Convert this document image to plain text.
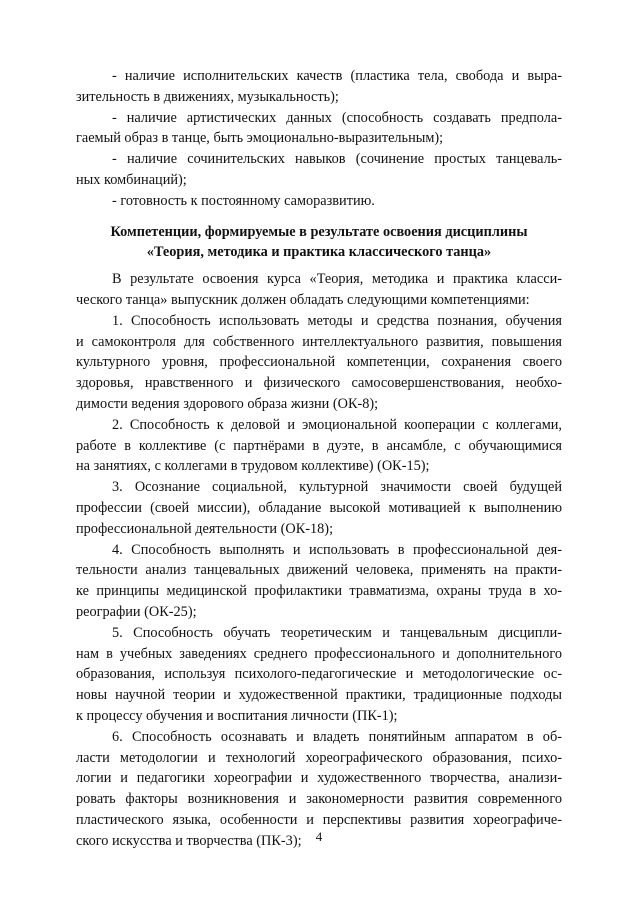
- наличие исполнительских качеств (пластика тела, свобода и выра-
зительность в движениях, музыкальность);
- наличие артистических данных (способность создавать предпола-
гаемый образ в танце, быть эмоционально-выразительным);
- наличие сочинительских навыков (сочинение простых танцеваль-
ных комбинаций);
- готовность к постоянному саморазвитию.
Компетенции, формируемые в результате освоения дисциплины
«Теория, методика и практика классического танца»
В результате освоения курса «Теория, методика и практика класси-
ческого танца» выпускник должен обладать следующими компетенциями:
1. Способность использовать методы и средства познания, обучения
и самоконтроля для собственного интеллектуального развития, повышения
культурного уровня, профессиональной компетенции, сохранения своего
здоровья, нравственного и физического самосовершенствования, необхо-
димости ведения здорового образа жизни (ОК-8);
2. Способность к деловой и эмоциональной кооперации с коллегами,
работе в коллективе (с партнёрами в дуэте, в ансамбле, с обучающимися
на занятиях, с коллегами в трудовом коллективе) (ОК-15);
3. Осознание социальной, культурной значимости своей будущей
профессии (своей миссии), обладание высокой мотивацией к выполнению
профессиональной деятельности (ОК-18);
4. Способность выполнять и использовать в профессиональной дея-
тельности анализ танцевальных движений человека, применять на практи-
ке принципы медицинской профилактики травматизма, охраны труда в хо-
реографии (ОК-25);
5. Способность обучать теоретическим и танцевальным дисципли-
нам в учебных заведениях среднего профессионального и дополнительного
образования, используя психолого-педагогические и методологические ос-
новы научной теории и художественной практики, традиционные подходы
к процессу обучения и воспитания личности (ПК-1);
6. Способность осознавать и владеть понятийным аппаратом в об-
ласти методологии и технологий хореографического образования, психо-
логии и педагогики хореографии и художественного творчества, анализи-
ровать факторы возникновения и закономерности развития современного
пластического языка, особенности и перспективы развития хореографиче-
ского искусства и творчества (ПК-3);	4
